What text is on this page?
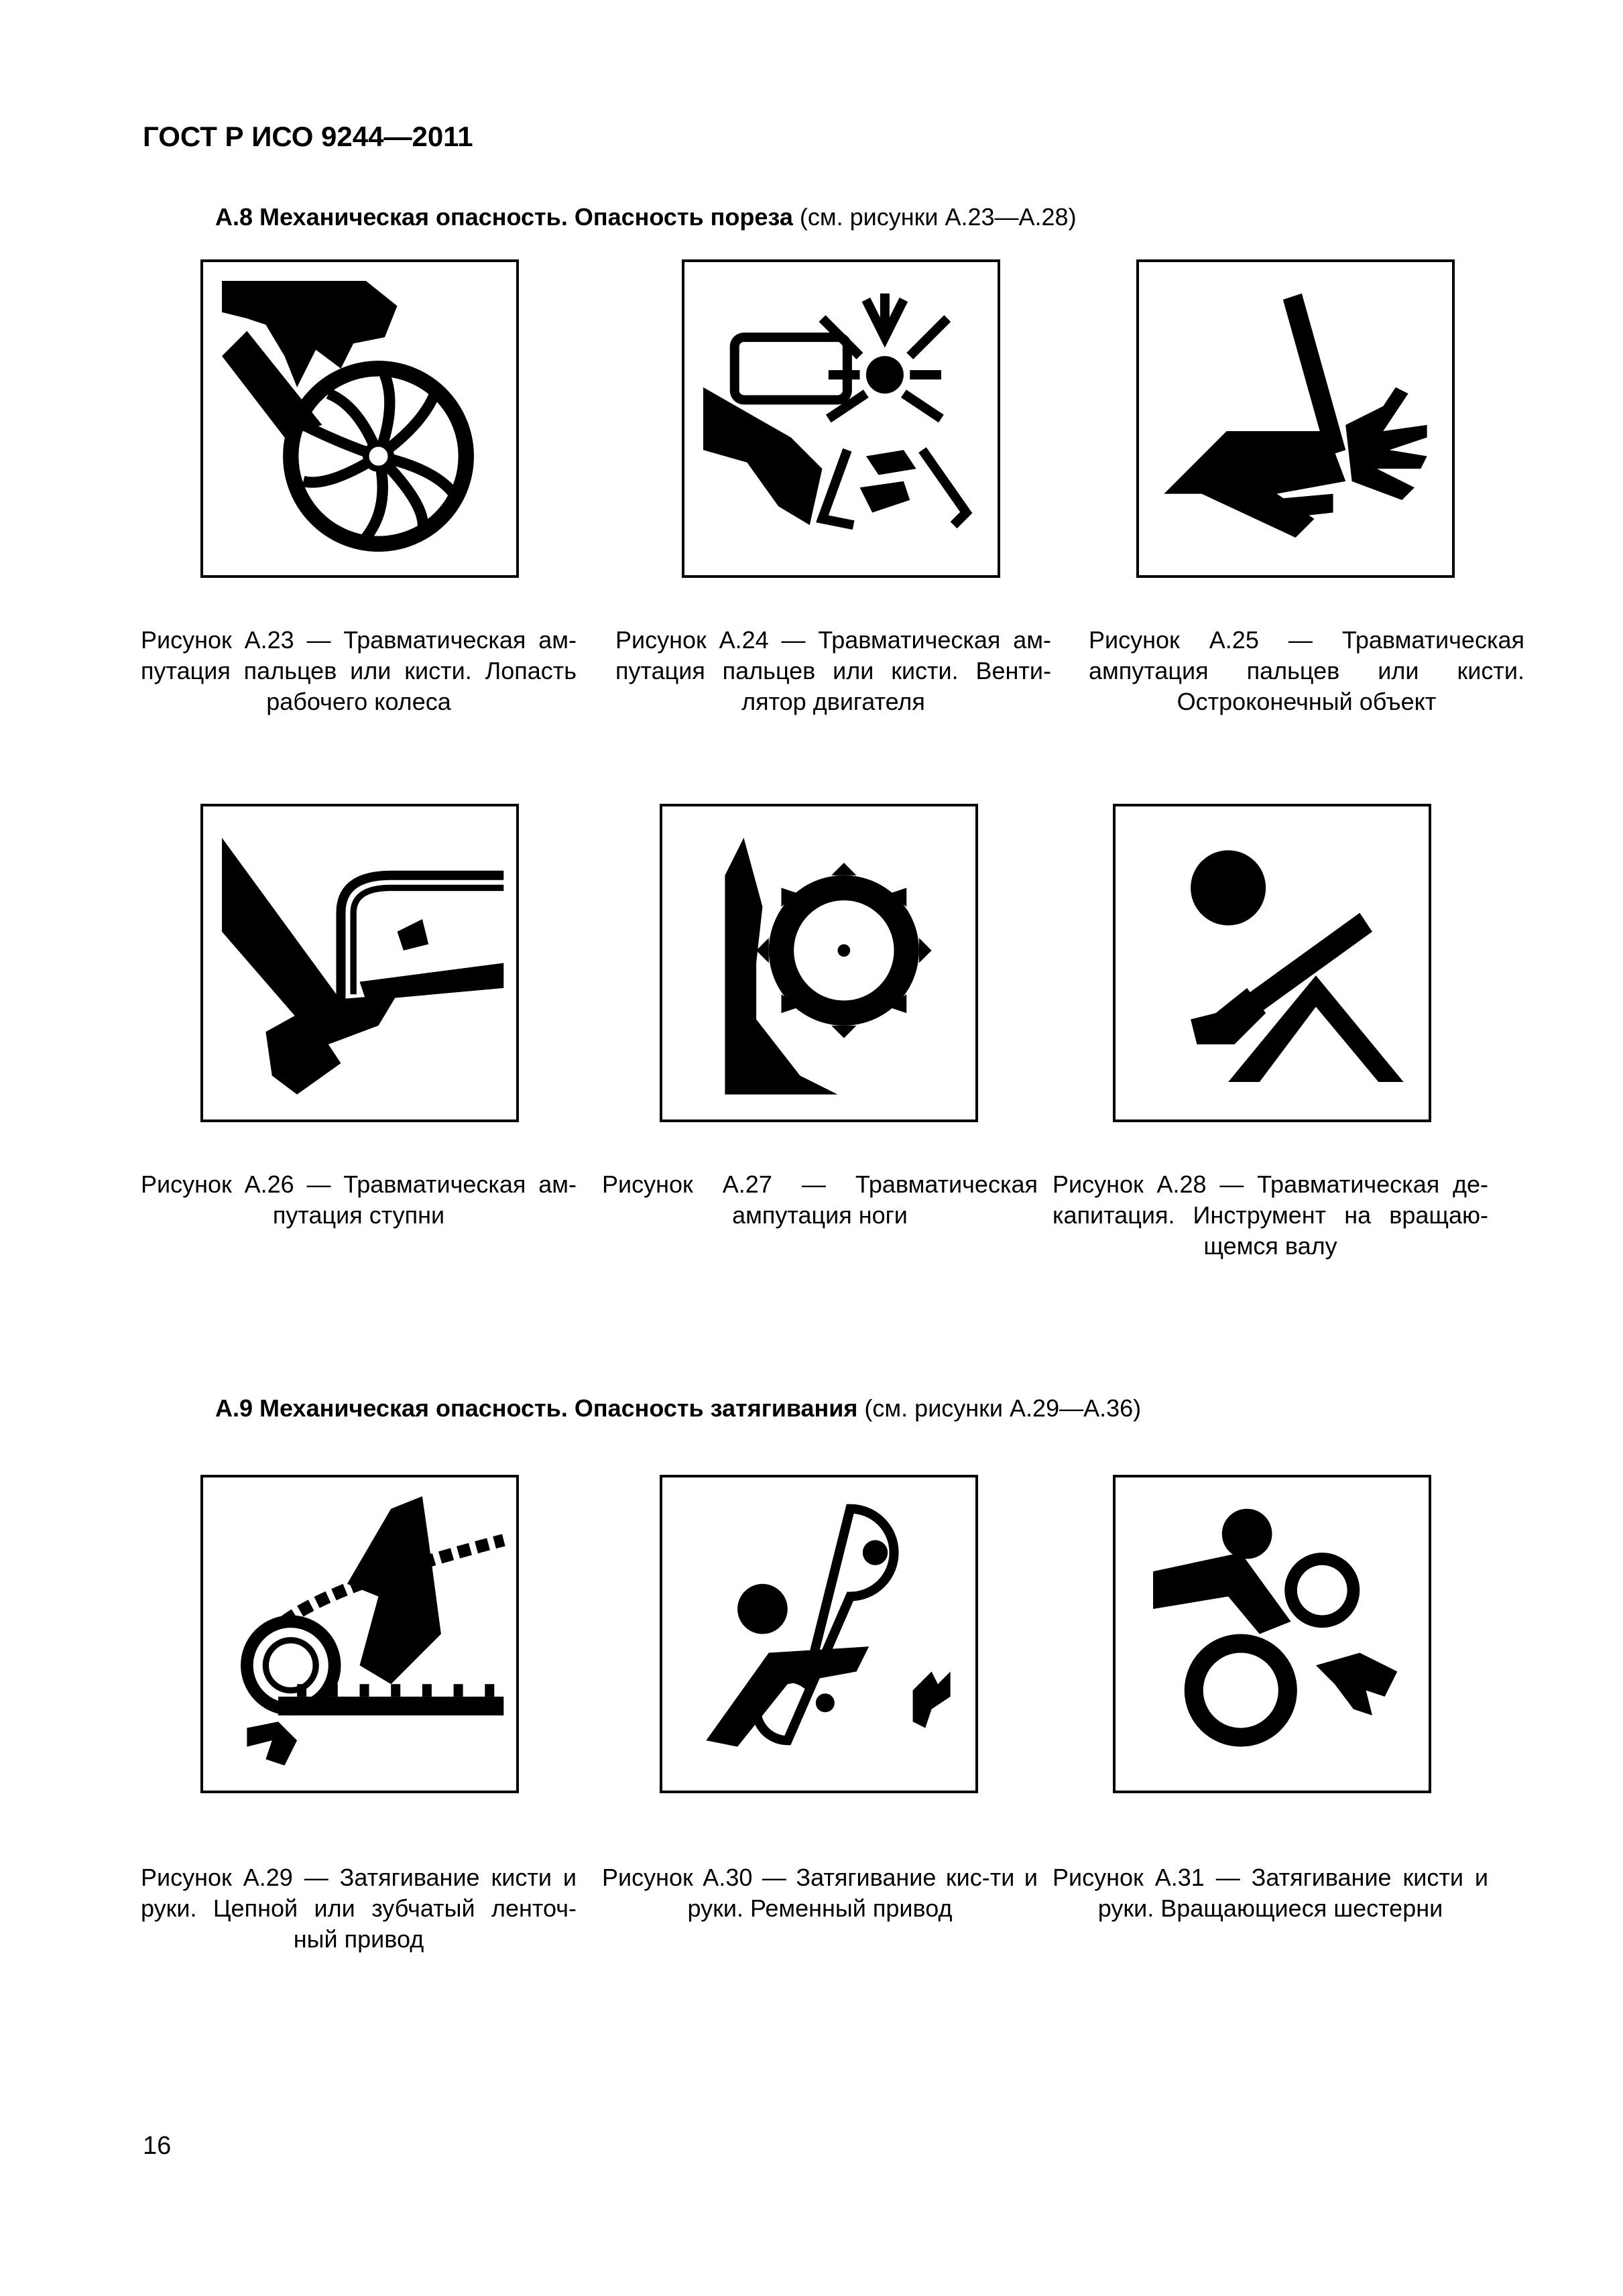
ГОСТ Р ИСО 9244—2011

А.8 Механическая опасность. Опасность пореза (см. рисунки А.23—А.28)

Рисунок А.23 — Травматическая ам-путация пальцев или кисти. Лопасть рабочего колеса
Рисунок А.24 — Травматическая ам-путация пальцев или кисти. Венти-лятор двигателя
Рисунок А.25 — Травматическая ампутация пальцев или кисти. Остроконечный объект
Рисунок А.26 — Травматическая ам-путация ступни
Рисунок А.27 — Травматическая ампутация ноги
Рисунок А.28 — Травматическая де-капитация. Инструмент на вращаю-щемся валу

А.9 Механическая опасность. Опасность затягивания (см. рисунки А.29—А.36)

Рисунок А.29 — Затягивание кисти и руки. Цепной или зубчатый ленточ-ный привод
Рисунок А.30 — Затягивание кис-ти и руки. Ременный привод
Рисунок А.31 — Затягивание кисти и руки. Вращающиеся шестерни

16
